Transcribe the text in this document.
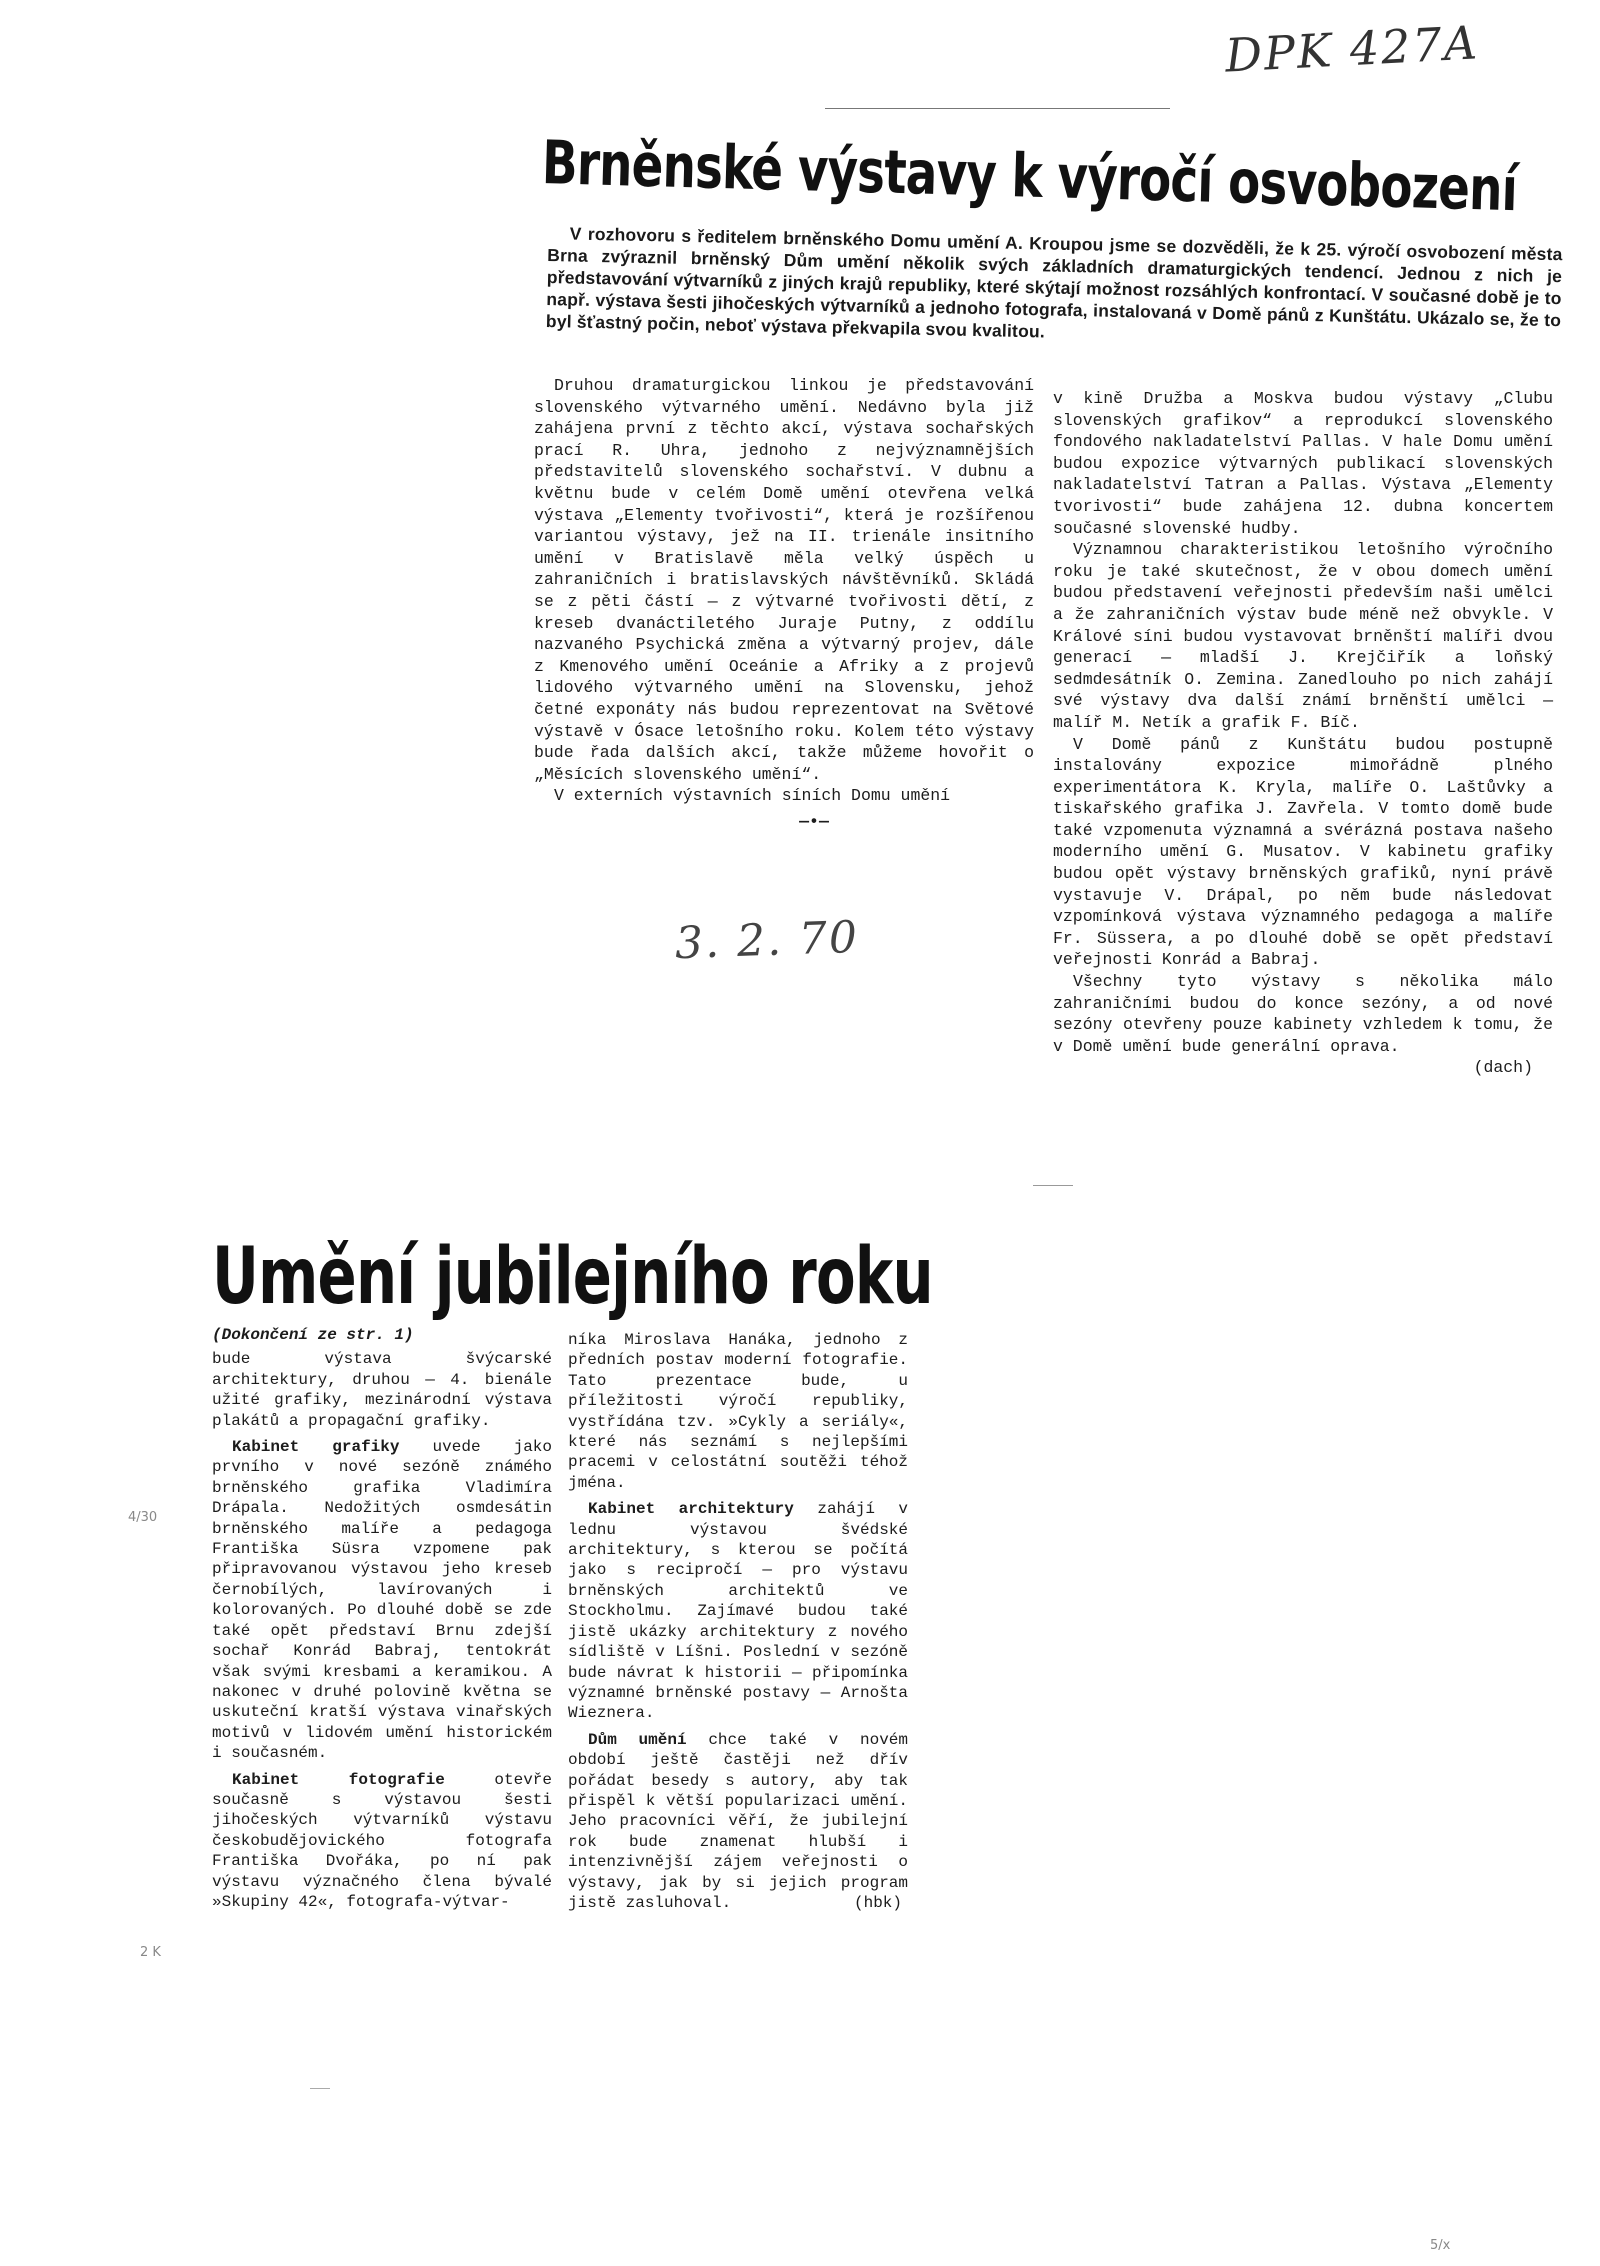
DPK 427A
Brněnské výstavy k výročí osvobození

V rozhovoru s ředitelem brněnského Domu umění A. Kroupou jsme se dozvěděli, že k 25. výročí osvobození města Brna zvýraznil brněnský Dům umění několik svých základních dramaturgických tendencí. Jednou z nich je představování výtvarníků z jiných krajů republiky, které skýtají možnost rozsáhlých konfrontací. V současné době je to např. výstava šesti jihočeských výtvarníků a jednoho fotografa, instalovaná v Domě pánů z Kunštátu. Ukázalo se, že to byl šťastný počin, neboť výstava překvapila svou kvalitou.

Druhou dramaturgickou linkou je představování slovenského výtvarného umění. Nedávno byla již zahájena první z těchto akcí, výstava sochařských prací R. Uhra, jednoho z nejvýznamnějších představitelů slovenského sochařství. V dubnu a květnu bude v celém Domě umění otevřena velká výstava „Elementy tvořivosti“, která je rozšířenou variantou výstavy, jež na II. trienále insitního umění v Bratislavě měla velký úspěch u zahraničních i bratislavských návštěvníků. Skládá se z pěti částí — z výtvarné tvořivosti dětí, z kreseb dvanáctiletého Juraje Putny, z oddílu nazvaného Psychická změna a výtvarný projev, dále z Kmenového umění Oceánie a Afriky a z projevů lidového výtvarného umění na Slovensku, jehož četné exponáty nás budou reprezentovat na Světové výstavě v Ósace letošního roku. Kolem této výstavy bude řada dalších akcí, takže můžeme hovořit o „Měsících slovenského umění“.

V externích výstavních síních Domu umění

—•—

v kině Družba a Moskva budou výstavy „Clubu slovenských grafikov“ a reprodukcí slovenského fondového nakladatelství Pallas. V hale Domu umění budou expozice výtvarných publikací slovenských nakladatelství Tatran a Pallas. Výstava „Elementy tvorivosti“ bude zahájena 12. dubna koncertem současné slovenské hudby.

Významnou charakteristikou letošního výročního roku je také skutečnost, že v obou domech umění budou představení veřejnosti především naši umělci a že zahraničních výstav bude méně než obvykle. V Králové síni budou vystavovat brněnští malíři dvou generací — mladší J. Krejčiřík a loňský sedmdesátník O. Zemina. Zanedlouho po nich zahájí své výstavy dva další známí brněnští umělci — malíř M. Netík a grafik F. Bíč.

V Domě pánů z Kunštátu budou postupně instalovány expozice mimořádně plného experimentátora K. Kryla, malíře O. Laštůvky a tiskařského grafika J. Zavřela. V tomto domě bude také vzpomenuta významná a svérázná postava našeho moderního umění G. Musatov. V kabinetu grafiky budou opět výstavy brněnských grafiků, nyní právě vystavuje V. Drápal, po něm bude následovat vzpomínková výstava významného pedagoga a malíře Fr. Süssera, a po dlouhé době se opět představí veřejnosti Konrád a Babraj.

Všechny tyto výstavy s několika málo zahraničními budou do konce sezóny, a od nové sezóny otevřeny pouze kabinety vzhledem k tomu, že v Domě umění bude generální oprava.

(dach)
3. 2. 70
Umění jubilejního roku
(Dokončení ze str. 1)

bude výstava švýcarské architektury, druhou — 4. bienále užité grafiky, mezinárodní výstava plakátů a propagační grafiky.

Kabinet grafiky uvede jako prvního v nové sezóně známého brněnského grafika Vladimíra Drápala. Nedožitých osmdesátin brněnského malíře a pedagoga Františka Süsra vzpomene pak připravovanou výstavou jeho kreseb černobílých, lavírovaných i kolorovaných. Po dlouhé době se zde také opět představí Brnu zdejší sochař Konrád Babraj, tentokrát však svými kresbami a keramikou. A nakonec v druhé polovině května se uskuteční kratší výstava vinařských motivů v lidovém umění historickém i současném.

Kabinet fotografie otevře současně s výstavou šesti jihočeských výtvarníků výstavu českobudějovického fotografa Františka Dvořáka, po ní pak výstavu význačného člena bývalé »Skupiny 42«, fotografa-výtvar-

níka Miroslava Hanáka, jednoho z předních postav moderní fotografie. Tato prezentace bude, u příležitosti výročí republiky, vystřídána tzv. »Cykly a seriály«, které nás seznámí s nejlepšími pracemi v celostátní soutěži téhož jména.

Kabinet architektury zahájí v lednu výstavou švédské architektury, s kterou se počítá jako s recipročí — pro výstavu brněnských architektů ve Stockholmu. Zajímavé budou také jistě ukázky architektury z nového sídliště v Líšni. Poslední v sezóně bude návrat k historii — připomínka významné brněnské postavy — Arnošta Wieznera.

Dům umění chce také v novém období ještě častěji než dřív pořádat besedy s autory, aby tak přispěl k větší popularizaci umění. Jeho pracovníci věří, že jubilejní rok bude znamenat hlubší i intenzivnější zájem veřejnosti o výstavy, jak by si jejich program jistě zasluhoval.	(hbk)
4/30
2 K
5/x
